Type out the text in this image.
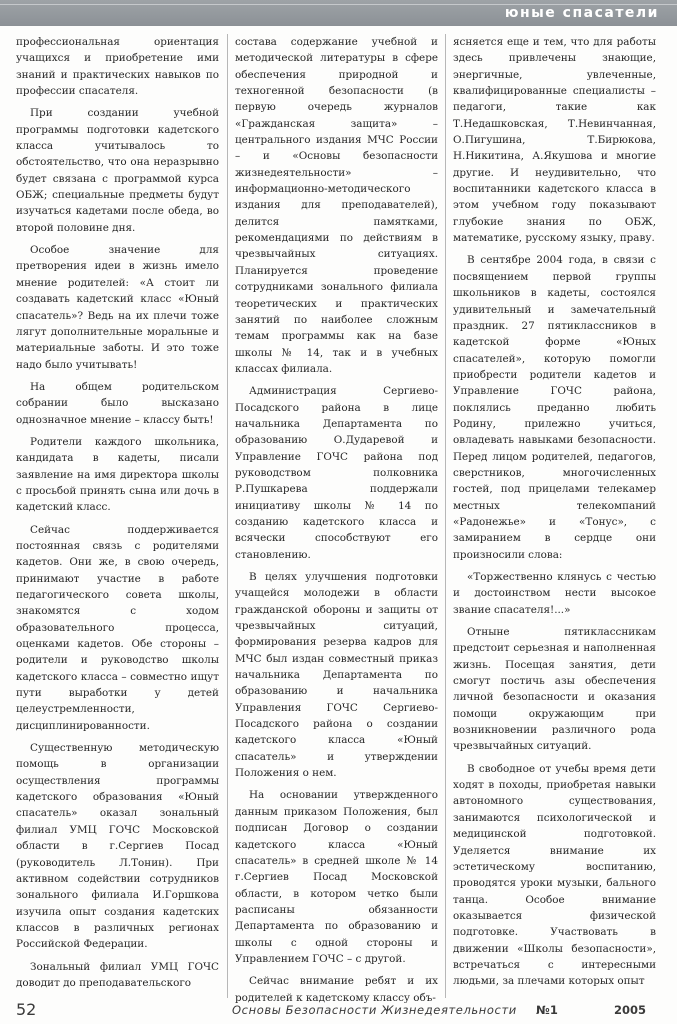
юные спасатели

профессиональная ориентация учащихся и приобретение ими знаний и практических навыков по профессии спасателя.

При создании учебной программы подготовки кадетского класса учитывалось то обстоятельство, что она неразрывно будет связана с программой курса ОБЖ; специальные предметы будут изучаться кадетами после обеда, во второй половине дня.

Особое значение для претворения идеи в жизнь имело мнение родителей: «А стоит ли создавать кадетский класс «Юный спасатель»? Ведь на их плечи тоже лягут дополнительные моральные и материальные заботы. И это тоже надо было учитывать!

На общем родительском собрании было высказано однозначное мнение – классу быть!

Родители каждого школьника, кандидата в кадеты, писали заявление на имя директора школы с просьбой принять сына или дочь в кадетский класс.

Сейчас поддерживается постоянная связь с родителями кадетов. Они же, в свою очередь, принимают участие в работе педагогического совета школы, знакомятся с ходом образовательного процесса, оценками кадетов. Обе стороны – родители и руководство школы кадетского класса – совместно ищут пути выработки у детей целеустремленности, дисциплинированности.

Существенную методическую помощь в организации осуществления программы кадетского образования «Юный спасатель» оказал зональный филиал УМЦ ГОЧС Московской области в г.Сергиев Посад (руководитель Л.Тонин). При активном содействии сотрудников зонального филиала И.Горшкова изучила опыт создания кадетских классов в различных регионах Российской Федерации.

Зональный филиал УМЦ ГОЧС доводит до преподавательского

состава содержание учебной и методической литературы в сфере обеспечения природной и техногенной безопасности (в первую очередь журналов «Гражданская защита» – центрального издания МЧС России – и «Основы безопасности жизнедеятельности» – информационно-методического издания для преподавателей), делится памятками, рекомендациями по действиям в чрезвычайных ситуациях. Планируется проведение сотрудниками зонального филиала теоретических и практических занятий по наиболее сложным темам программы как на базе школы № 14, так и в учебных классах филиала.

Администрация Сергиево-Посадского района в лице начальника Департамента по образованию О.Дударевой и Управление ГОЧС района под руководством полковника Р.Пушкарева поддержали инициативу школы № 14 по созданию кадетского класса и всячески способствуют его становлению.

В целях улучшения подготовки учащейся молодежи в области гражданской обороны и защиты от чрезвычайных ситуаций, формирования резерва кадров для МЧС был издан совместный приказ начальника Департамента по образованию и начальника Управления ГОЧС Сергиево-Посадского района о создании кадетского класса «Юный спасатель» и утверждении Положения о нем.

На основании утвержденного данным приказом Положения, был подписан Договор о создании кадетского класса «Юный спасатель» в средней школе № 14 г.Сергиев Посад Московской области, в котором четко были расписаны обязанности Департамента по образованию и школы с одной стороны и Управлением ГОЧС – с другой.

Сейчас внимание ребят и их родителей к кадетскому классу объ-

ясняется еще и тем, что для работы здесь привлечены знающие, энергичные, увлеченные, квалифицированные специалисты – педагоги, такие как Т.Недашковская, Т.Невинчанная, О.Пигушина, Т.Бирюкова, Н.Никитина, А.Якушова и многие другие. И неудивительно, что воспитанники кадетского класса в этом учебном году показывают глубокие знания по ОБЖ, математике, русскому языку, праву.

В сентябре 2004 года, в связи с посвящением первой группы школьников в кадеты, состоялся удивительный и замечательный праздник. 27 пятиклассников в кадетской форме «Юных спасателей», которую помогли приобрести родители кадетов и Управление ГОЧС района, поклялись преданно любить Родину, прилежно учиться, овладевать навыками безопасности. Перед лицом родителей, педагогов, сверстников, многочисленных гостей, под прицелами телекамер местных телекомпаний «Радонежье» и «Тонус», с замиранием в сердце они произносили слова:

«Торжественно клянусь с честью и достоинством нести высокое звание спасателя!...»

Отныне пятиклассникам предстоит серьезная и наполненная жизнь. Посещая занятия, дети смогут постичь азы обеспечения личной безопасности и оказания помощи окружающим при возникновении различного рода чрезвычайных ситуаций.

В свободное от учебы время дети ходят в походы, приобретая навыки автономного существования, занимаются психологической и медицинской подготовкой. Уделяется внимание их эстетическому воспитанию, проводятся уроки музыки, бального танца. Особое внимание оказывается физической подготовке. Участвовать в движении «Школы безопасности», встречаться с интересными людьми, за плечами которых опыт

52	Основы Безопасности Жизнедеятельности №1	2005
